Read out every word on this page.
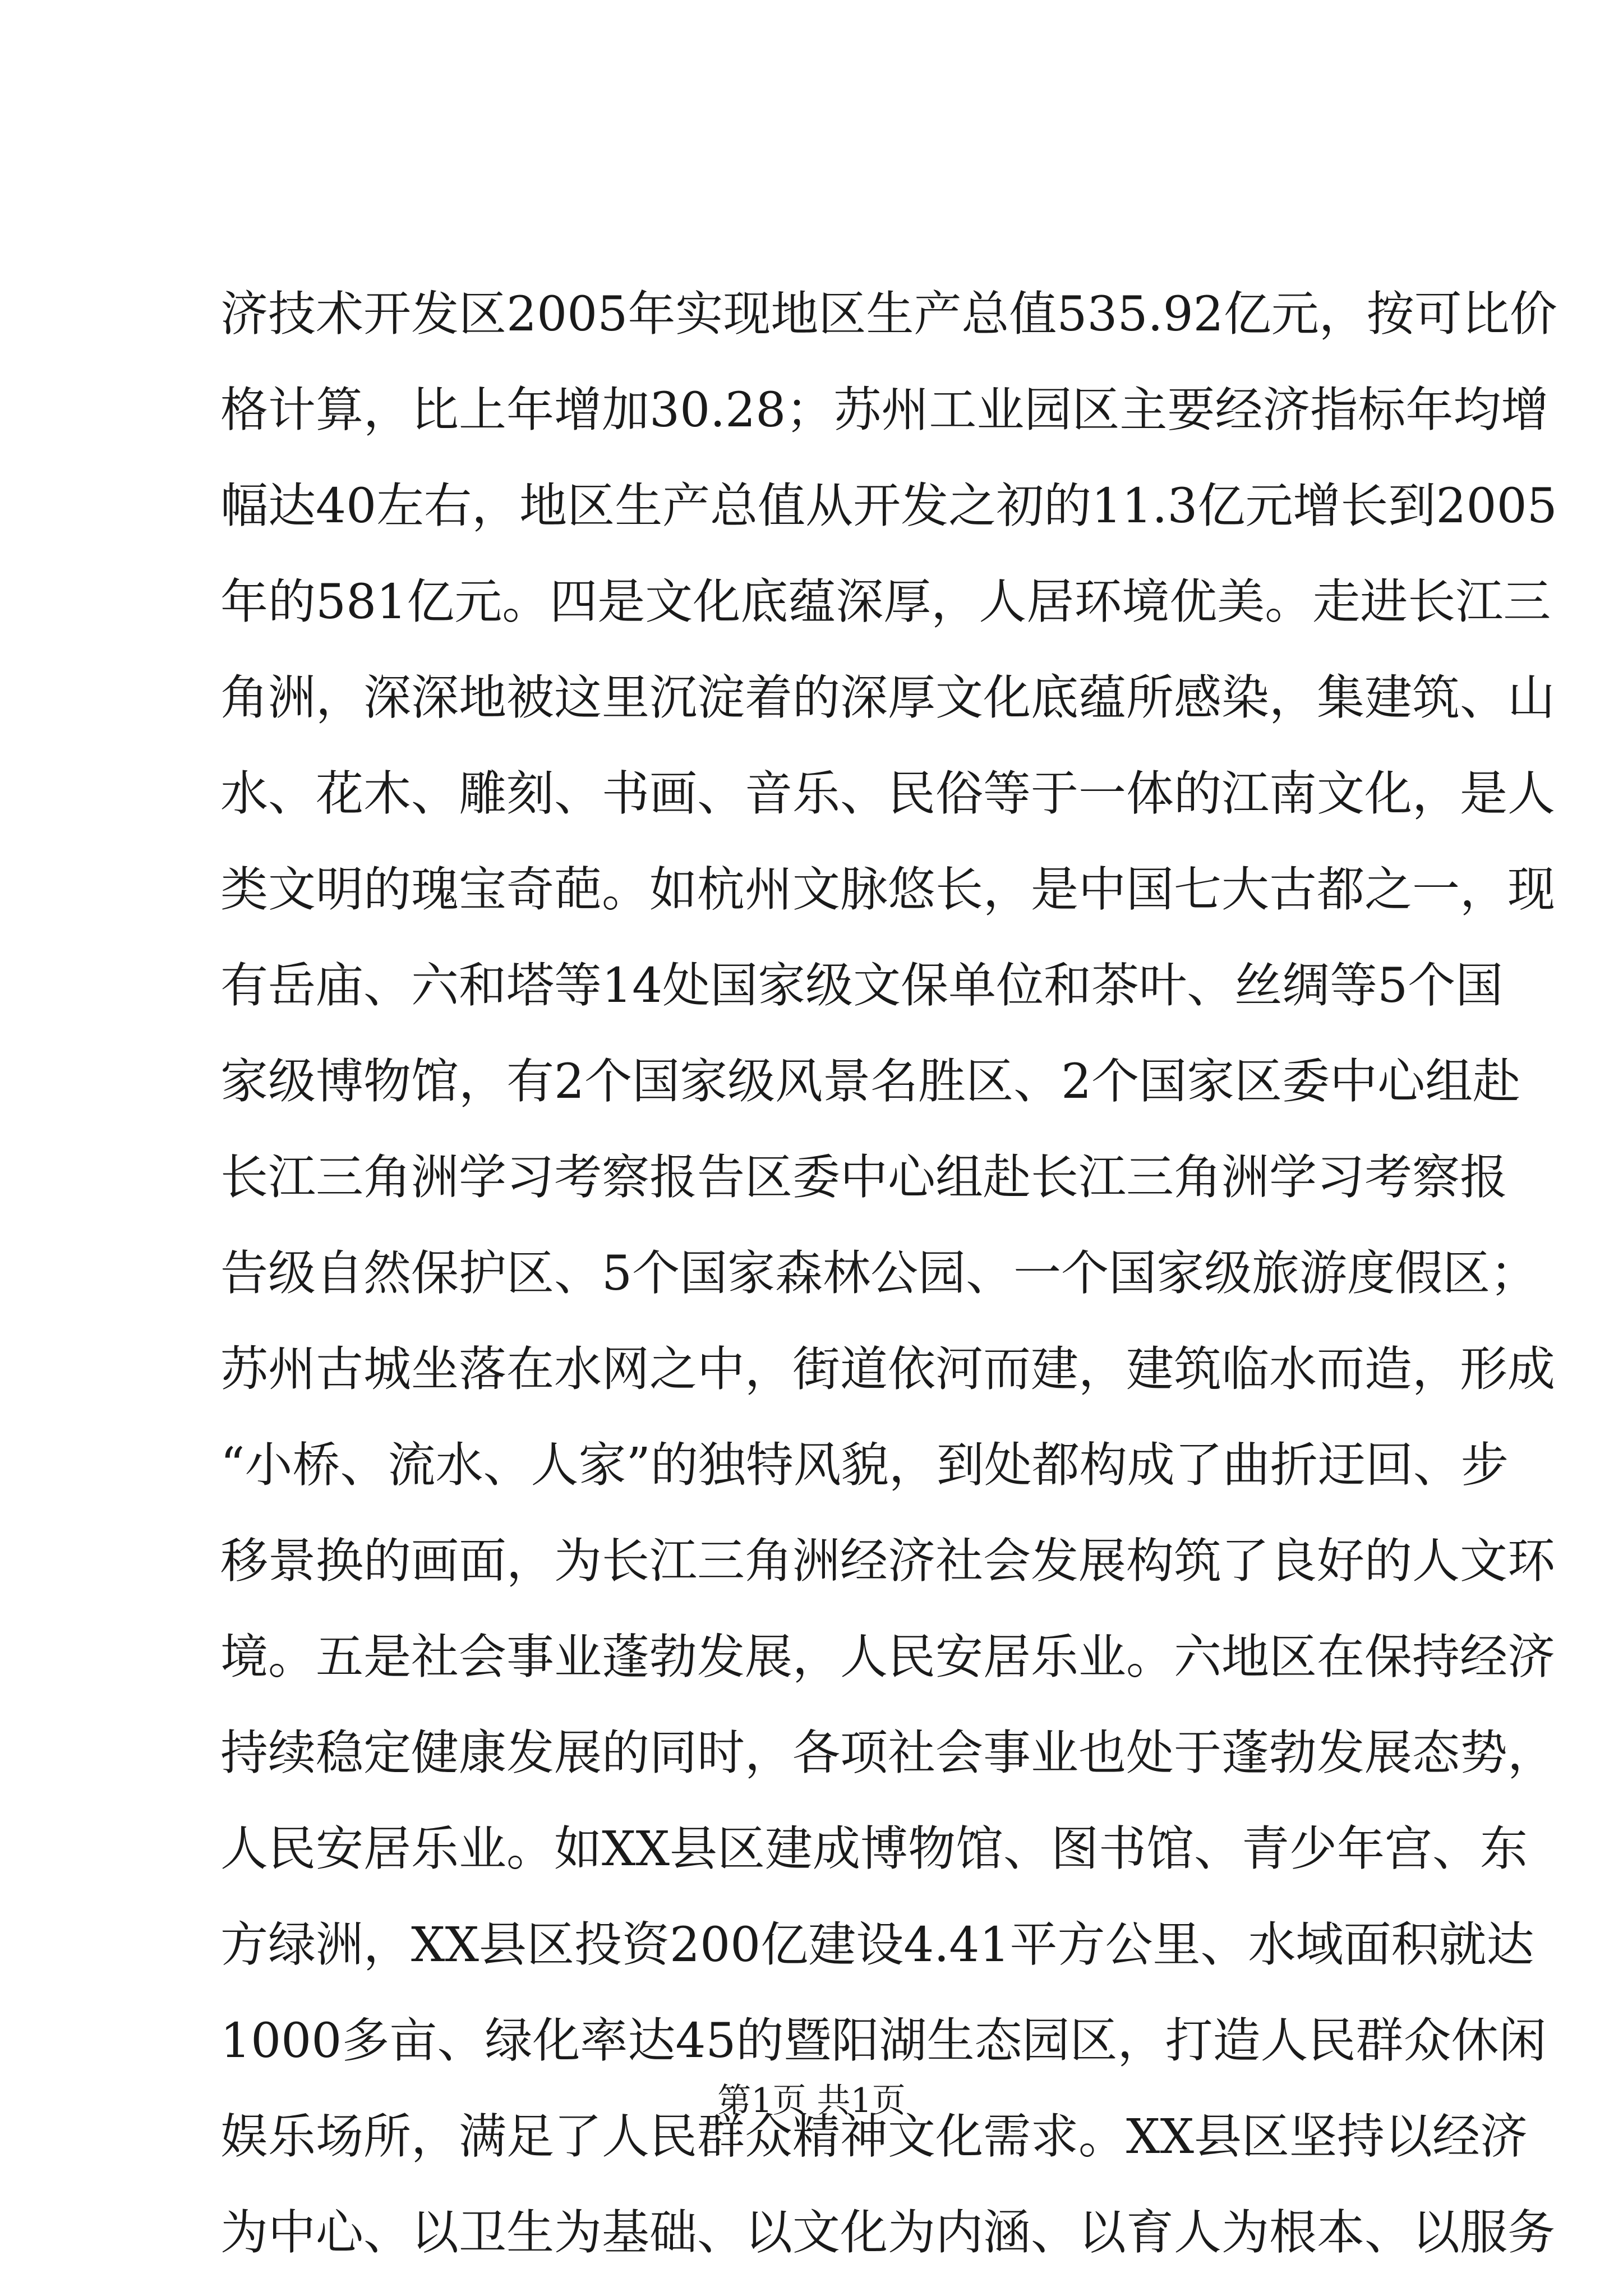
济技术开发区2005年实现地区生产总值535.92亿元，按可比价
格计算，比上年增加30.28；苏州工业园区主要经济指标年均增
幅达40左右，地区生产总值从开发之初的11.3亿元增长到2005
年的581亿元。四是文化底蕴深厚，人居环境优美。走进长江三
角洲，深深地被这里沉淀着的深厚文化底蕴所感染，集建筑、山
水、花木、雕刻、书画、音乐、民俗等于一体的江南文化，是人
类文明的瑰宝奇葩。如杭州文脉悠长，是中国七大古都之一，现
有岳庙、六和塔等14处国家级文保单位和茶叶、丝绸等5个国
家级博物馆，有2个国家级风景名胜区、2个国家区委中心组赴
长江三角洲学习考察报告区委中心组赴长江三角洲学习考察报
告级自然保护区、5个国家森林公园、一个国家级旅游度假区；
苏州古城坐落在水网之中，街道依河而建，建筑临水而造，形成
“小桥、流水、人家”的独特风貌，到处都构成了曲折迂回、步
移景换的画面，为长江三角洲经济社会发展构筑了良好的人文环
境。五是社会事业蓬勃发展，人民安居乐业。六地区在保持经济
持续稳定健康发展的同时，各项社会事业也处于蓬勃发展态势，
人民安居乐业。如XX县区建成博物馆、图书馆、青少年宫、东
方绿洲，XX县区投资200亿建设4.41平方公里、水域面积就达
1000多亩、绿化率达45的暨阳湖生态园区，打造人民群众休闲
娱乐场所，满足了人民群众精神文化需求。XX县区坚持以经济
为中心、以卫生为基础、以文化为内涵、以育人为根本、以服务
第1页 共1页
